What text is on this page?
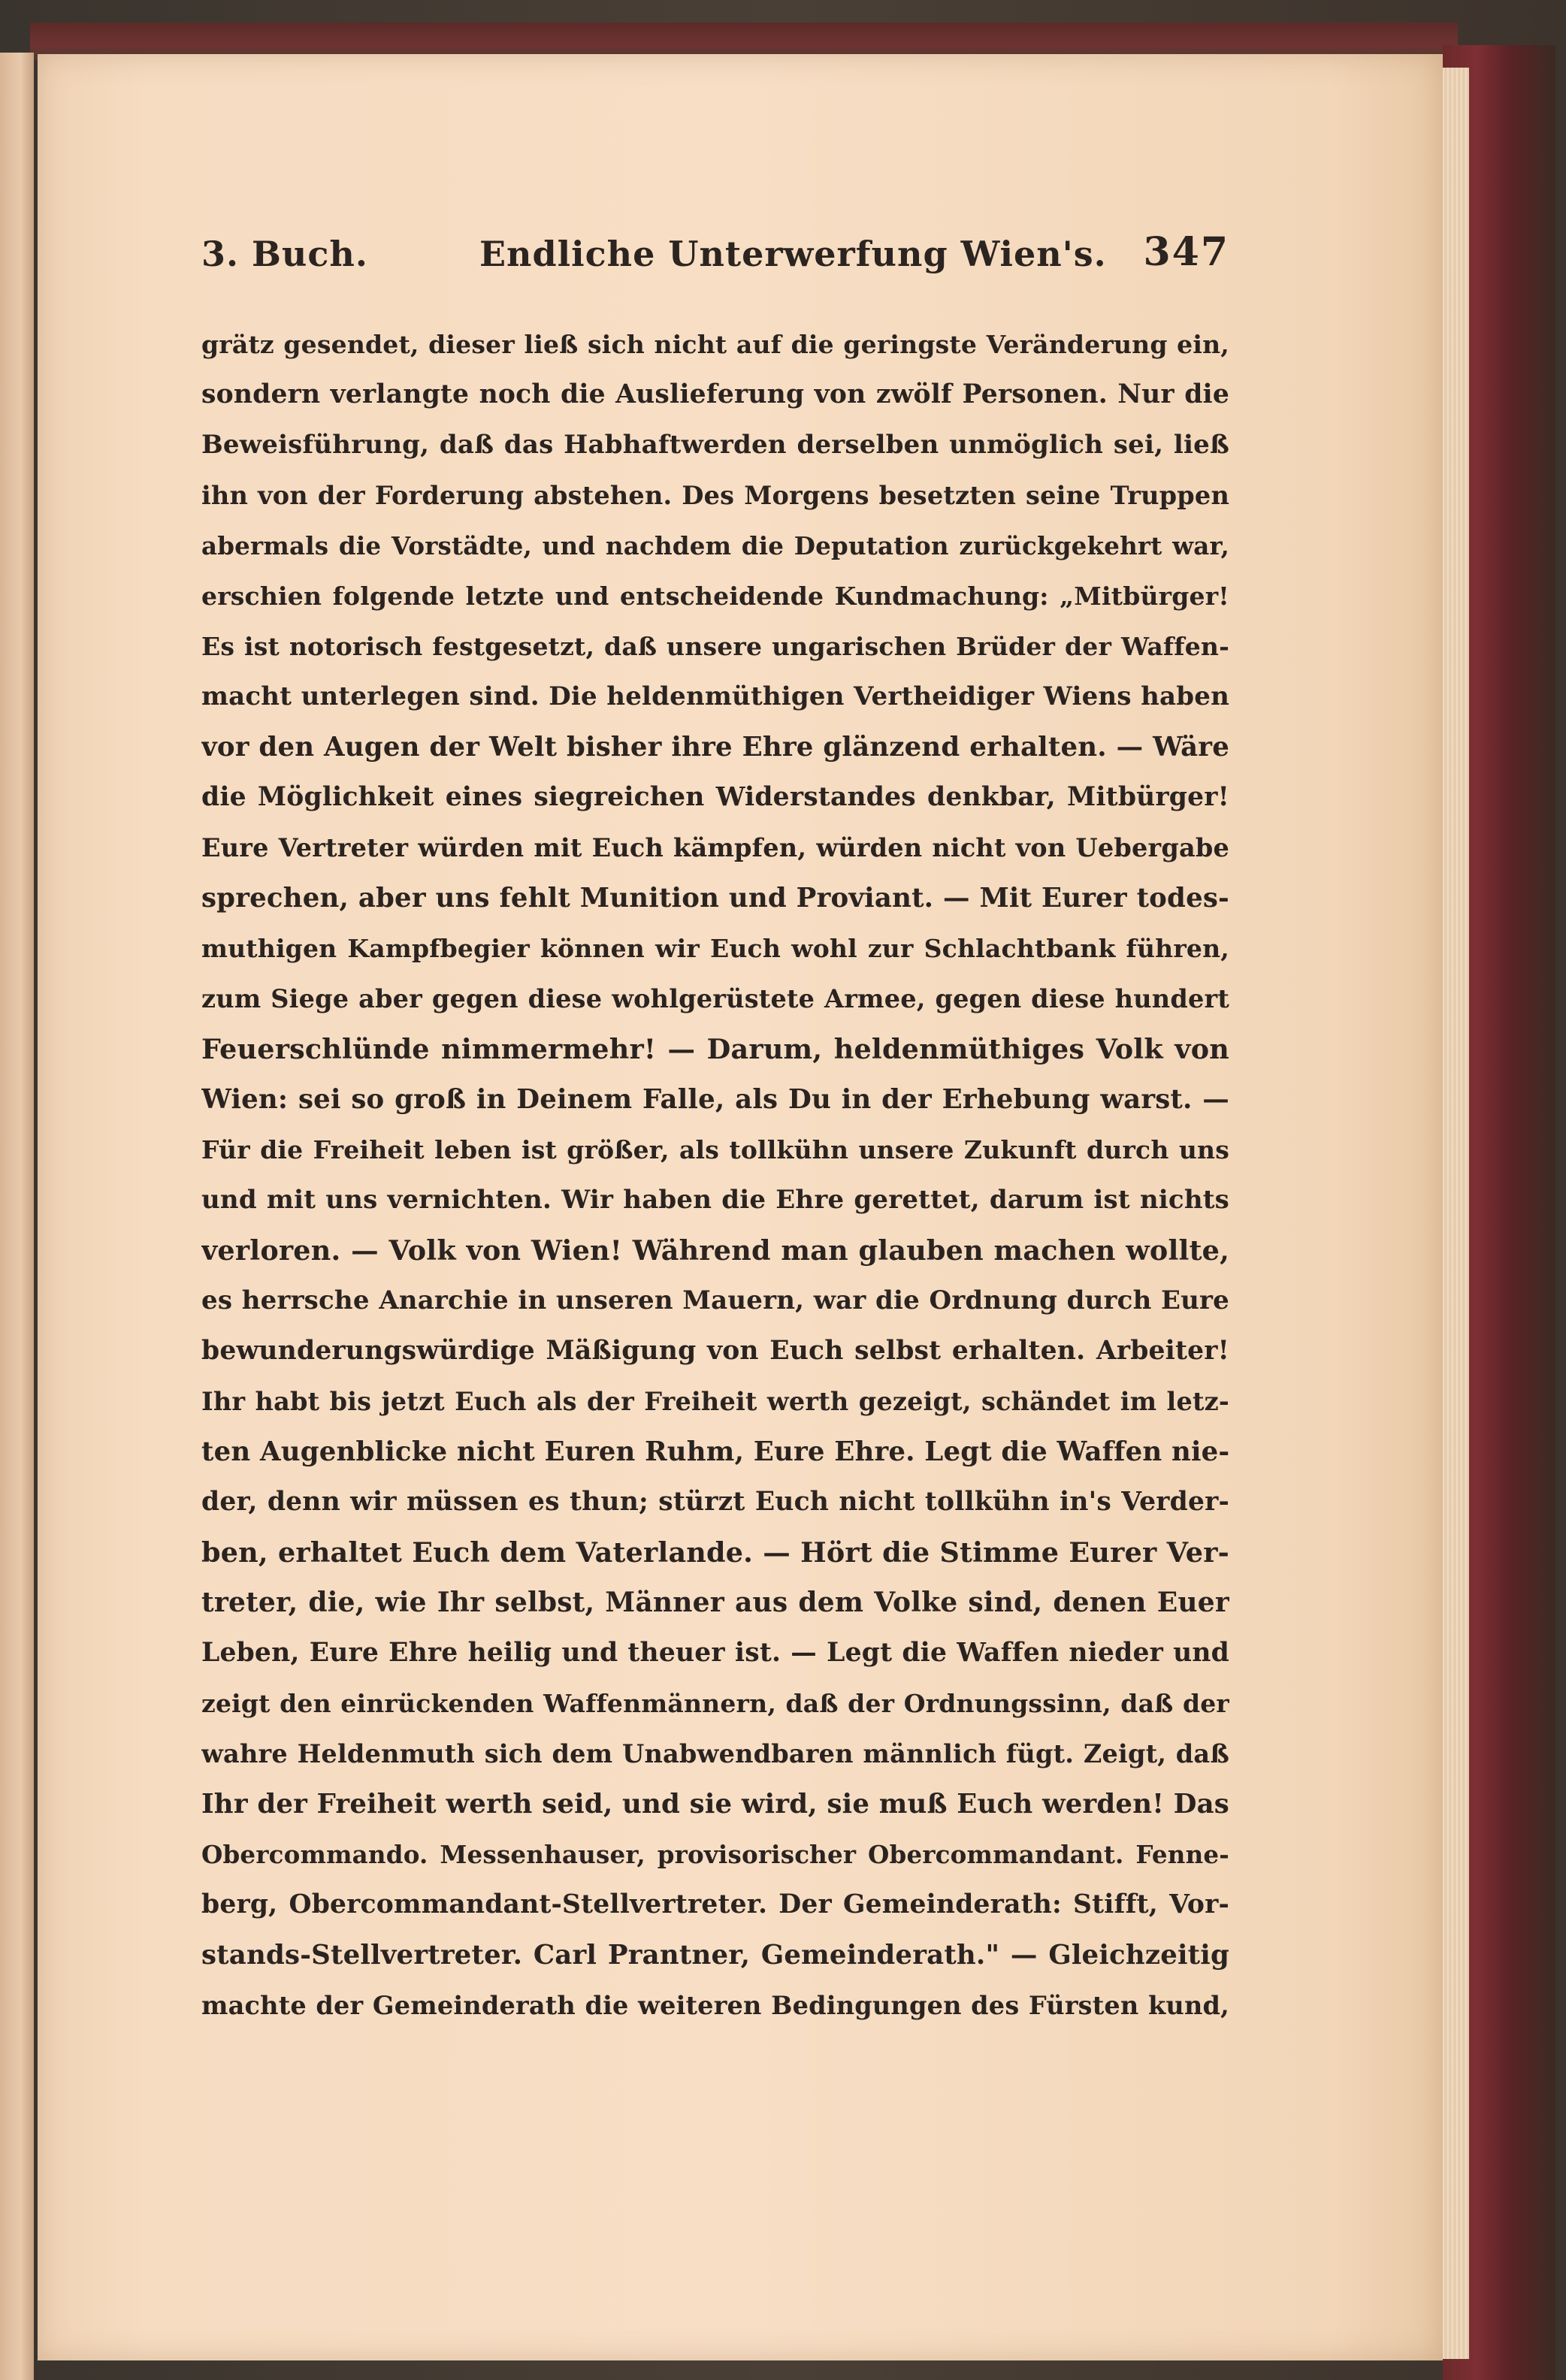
3. Buch.	Endliche Unterwerfung Wien's. 347
grätz gesendet, dieser ließ sich nicht auf die geringste Veränderung ein,
sondern verlangte noch die Auslieferung von zwölf Personen. Nur die
Beweisführung, daß das Habhaftwerden derselben unmöglich sei, ließ
ihn von der Forderung abstehen. Des Morgens besetzten seine Truppen
abermals die Vorstädte, und nachdem die Deputation zurückgekehrt war,
erschien folgende letzte und entscheidende Kundmachung: „Mitbürger!
Es ist notorisch festgesetzt, daß unsere ungarischen Brüder der Waffen-
macht unterlegen sind. Die heldenmüthigen Vertheidiger Wiens haben
vor den Augen der Welt bisher ihre Ehre glänzend erhalten. — Wäre
die Möglichkeit eines siegreichen Widerstandes denkbar, Mitbürger!
Eure Vertreter würden mit Euch kämpfen, würden nicht von Uebergabe
sprechen, aber uns fehlt Munition und Proviant. — Mit Eurer todes-
muthigen Kampfbegier können wir Euch wohl zur Schlachtbank führen,
zum Siege aber gegen diese wohlgerüstete Armee, gegen diese hundert
Feuerschlünde nimmermehr! — Darum, heldenmüthiges Volk von
Wien: sei so groß in Deinem Falle, als Du in der Erhebung warst. —
Für die Freiheit leben ist größer, als tollkühn unsere Zukunft durch uns
und mit uns vernichten. Wir haben die Ehre gerettet, darum ist nichts
verloren. — Volk von Wien! Während man glauben machen wollte,
es herrsche Anarchie in unseren Mauern, war die Ordnung durch Eure
bewunderungswürdige Mäßigung von Euch selbst erhalten. Arbeiter!
Ihr habt bis jetzt Euch als der Freiheit werth gezeigt, schändet im letz-
ten Augenblicke nicht Euren Ruhm, Eure Ehre. Legt die Waffen nie-
der, denn wir müssen es thun; stürzt Euch nicht tollkühn in's Verder-
ben, erhaltet Euch dem Vaterlande. — Hört die Stimme Eurer Ver-
treter, die, wie Ihr selbst, Männer aus dem Volke sind, denen Euer
Leben, Eure Ehre heilig und theuer ist. — Legt die Waffen nieder und
zeigt den einrückenden Waffenmännern, daß der Ordnungssinn, daß der
wahre Heldenmuth sich dem Unabwendbaren männlich fügt. Zeigt, daß
Ihr der Freiheit werth seid, und sie wird, sie muß Euch werden! Das
Obercommando. Messenhauser, provisorischer Obercommandant. Fenne-
berg, Obercommandant-Stellvertreter. Der Gemeinderath: Stifft, Vor-
stands-Stellvertreter. Carl Prantner, Gemeinderath." — Gleichzeitig
machte der Gemeinderath die weiteren Bedingungen des Fürsten kund,
